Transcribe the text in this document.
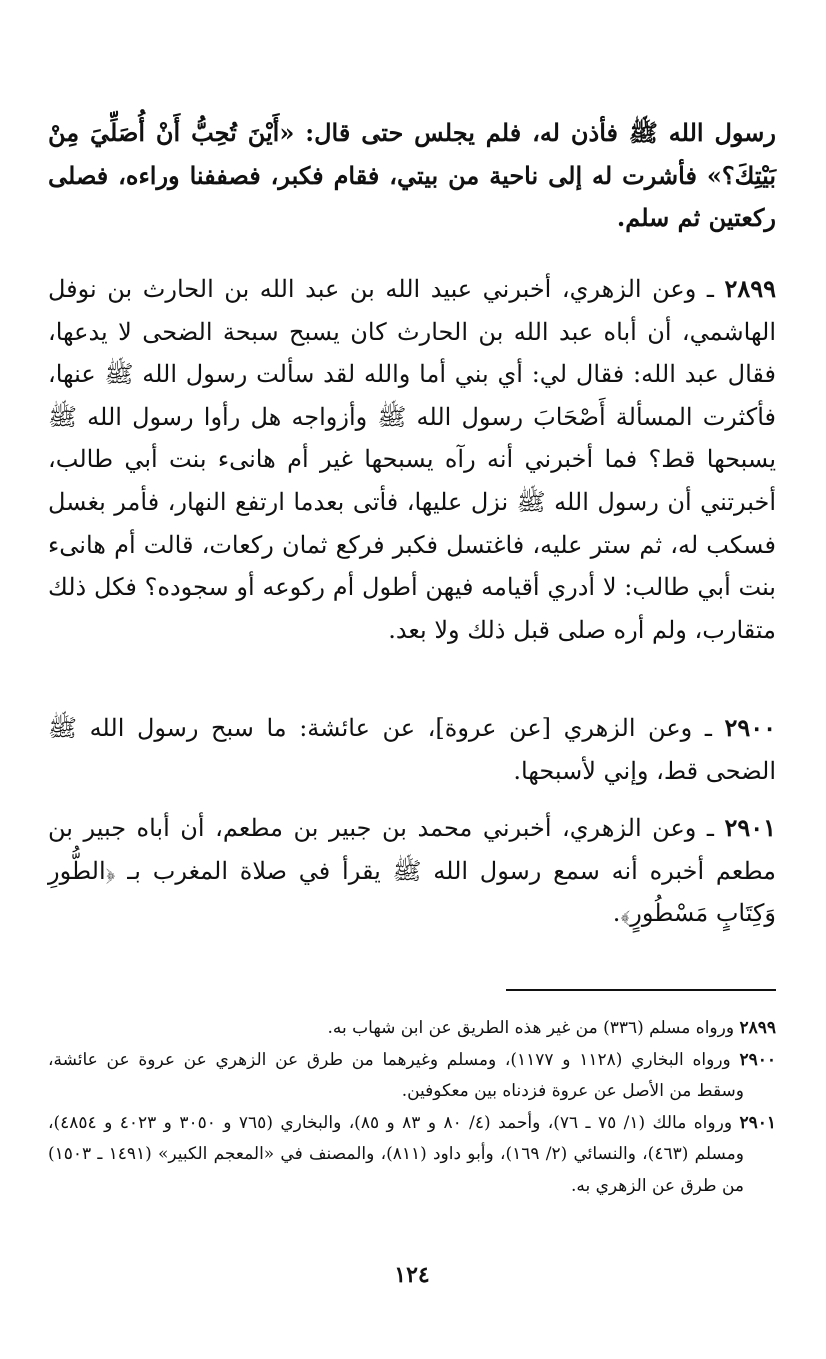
رسول الله ﷺ فأذن له، فلم يجلس حتى قال: «أَيْنَ تُحِبُّ أَنْ أُصَلِّيَ مِنْ بَيْتِكَ؟» فأشرت له إلى ناحية من بيتي، فقام فكبر، فصففنا وراءه، فصلى ركعتين ثم سلم.

٢٨٩٩ ـ وعن الزهري، أخبرني عبيد الله بن عبد الله بن الحارث بن نوفل الهاشمي، أن أباه عبد الله بن الحارث كان يسبح سبحة الضحى لا يدعها، فقال عبد الله: فقال لي: أي بني أما والله لقد سألت رسول الله ﷺ عنها، فأكثرت المسألة أَصْحَابَ رسول الله ﷺ وأزواجه هل رأوا رسول الله ﷺ يسبحها قط؟ فما أخبرني أنه رآه يسبحها غير أم هانىء بنت أبي طالب، أخبرتني أن رسول الله ﷺ نزل عليها، فأتى بعدما ارتفع النهار، فأمر بغسل فسكب له، ثم ستر عليه، فاغتسل فكبر فركع ثمان ركعات، قالت أم هانىء بنت أبي طالب: لا أدري أقيامه فيهن أطول أم ركوعه أو سجوده؟ فكل ذلك متقارب، ولم أره صلى قبل ذلك ولا بعد.

٢٩٠٠ ـ وعن الزهري [عن عروة]، عن عائشة: ما سبح رسول الله ﷺ الضحى قط، وإني لأسبحها.

٢٩٠١ ـ وعن الزهري، أخبرني محمد بن جبير بن مطعم، أن أباه جبير بن مطعم أخبره أنه سمع رسول الله ﷺ يقرأ في صلاة المغرب بـ ﴿الطُّورِ وَكِتَابٍ مَسْطُورٍ﴾.

٢٨٩٩ ورواه مسلم (٣٣٦) من غير هذه الطريق عن ابن شهاب به.
٢٩٠٠ ورواه البخاري (١١٢٨ و ١١٧٧)، ومسلم وغيرهما من طرق عن الزهري عن عروة عن عائشة، وسقط من الأصل عن عروة فزدناه بين معكوفين.
٢٩٠١ ورواه مالك (١/ ٧٥ ـ ٧٦)، وأحمد (٤/ ٨٠ و ٨٣ و ٨٥)، والبخاري (٧٦٥ و ٣٠٥٠ و ٤٠٢٣ و ٤٨٥٤)، ومسلم (٤٦٣)، والنسائي (٢/ ١٦٩)، وأبو داود (٨١١)، والمصنف في «المعجم الكبير» (١٤٩١ ـ ١٥٠٣) من طرق عن الزهري به.
١٢٤
